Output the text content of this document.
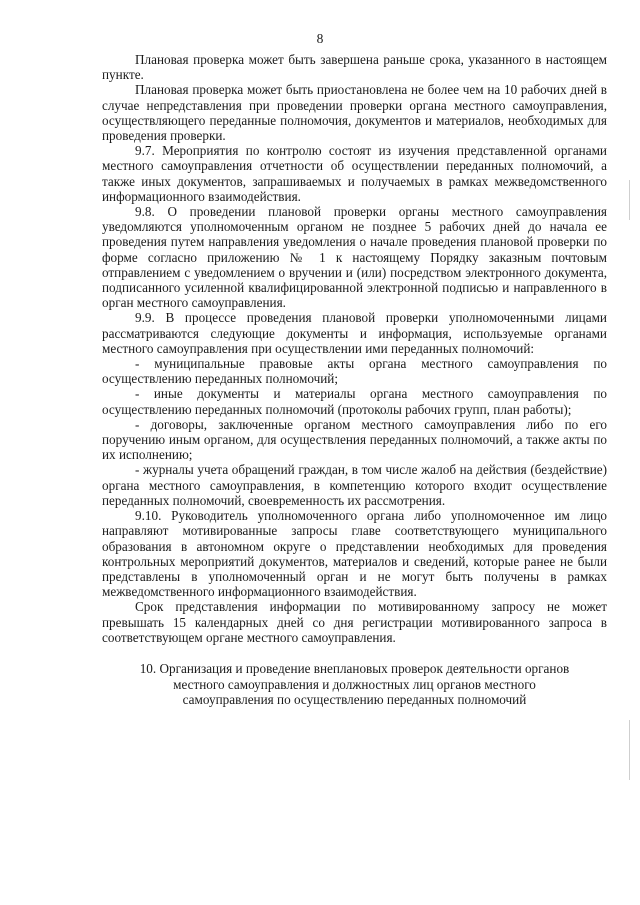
8

Плановая проверка может быть завершена раньше срока, указанного в настоящем пункте.

Плановая проверка может быть приостановлена не более чем на 10 рабочих дней в случае непредставления при проведении проверки органа местного самоуправления, осуществляющего переданные полномочия, документов и материалов, необходимых для проведения проверки.

9.7. Мероприятия по контролю состоят из изучения представленной органами местного самоуправления отчетности об осуществлении переданных полномочий, а также иных документов, запрашиваемых и получаемых в рамках межведомственного информационного взаимодействия.

9.8. О проведении плановой проверки органы местного самоуправления уведомляются уполномоченным органом не позднее 5 рабочих дней до начала ее проведения путем направления уведомления о начале проведения плановой проверки по форме согласно приложению № 1 к настоящему Порядку заказным почтовым отправлением с уведомлением о вручении и (или) посредством электронного документа, подписанного усиленной квалифицированной электронной подписью и направленного в орган местного самоуправления.

9.9. В процессе проведения плановой проверки уполномоченными лицами рассматриваются следующие документы и информация, используемые органами местного самоуправления при осуществлении ими переданных полномочий:

- муниципальные правовые акты органа местного самоуправления по осуществлению переданных полномочий;

- иные документы и материалы органа местного самоуправления по осуществлению переданных полномочий (протоколы рабочих групп, план работы);

- договоры, заключенные органом местного самоуправления либо по его поручению иным органом, для осуществления переданных полномочий, а также акты по их исполнению;

- журналы учета обращений граждан, в том числе жалоб на действия (бездействие) органа местного самоуправления, в компетенцию которого входит осуществление переданных полномочий, своевременность их рассмотрения.

9.10. Руководитель уполномоченного органа либо уполномоченное им лицо направляют мотивированные запросы главе соответствующего муниципального образования в автономном округе о представлении необходимых для проведения контрольных мероприятий документов, материалов и сведений, которые ранее не были представлены в уполномоченный орган и не могут быть получены в рамках межведомственного информационного взаимодействия.

Срок представления информации по мотивированному запросу не может превышать 15 календарных дней со дня регистрации мотивированного запроса в соответствующем органе местного самоуправления.

10. Организация и проведение внеплановых проверок деятельности органов
местного самоуправления и должностных лиц органов местного
самоуправления по осуществлению переданных полномочий
